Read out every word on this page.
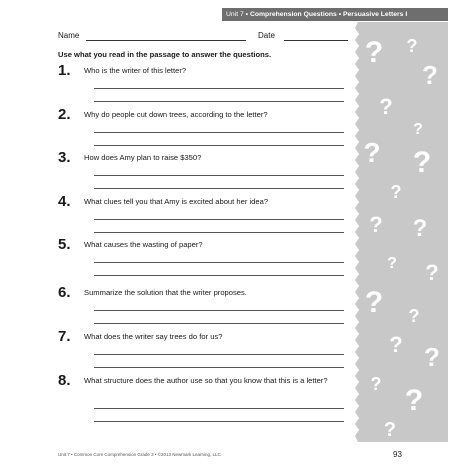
Unit 7 • Comprehension Questions • Persuasive Letters I
? ?
?
?
?
? ?
?
? ?
? ?
? ?
? ?
? ?
?
Name	Date
Use what you read in the passage to answer the questions.
1. Who is the writer of this letter?
2. Why do people cut down trees, according to the letter?
3. How does Amy plan to raise $350?
4. What clues tell you that Amy is excited about her idea?
5. What causes the wasting of paper?
6. Summarize the solution that the writer proposes.
7. What does the writer say trees do for us?
8. What structure does the author use so that you know that this is a letter?
Unit 7 • Common Core Comprehension Grade 3 • ©2013 Newmark Learning, LLC	93
